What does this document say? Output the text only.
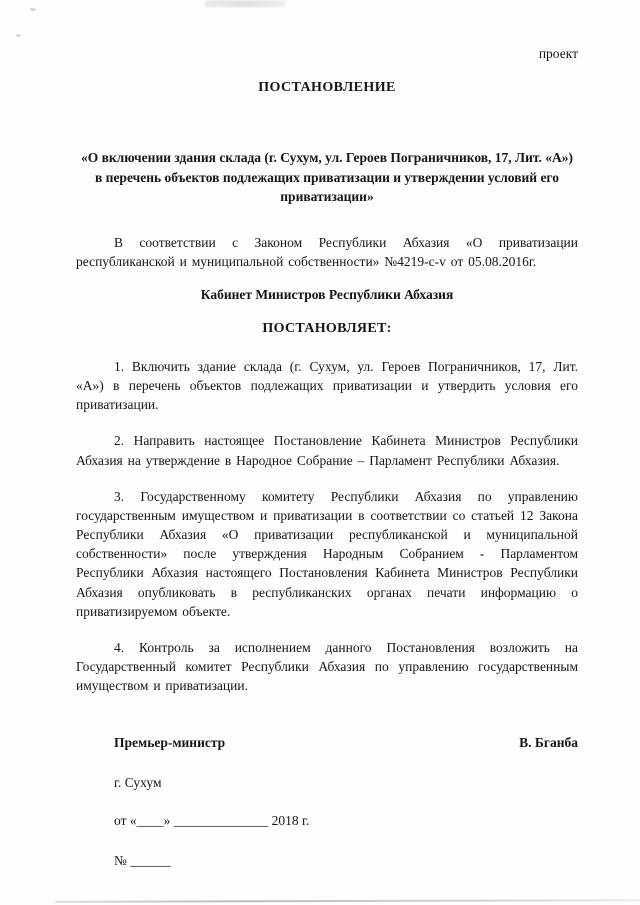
проект

ПОСТАНОВЛЕНИЕ

«О включении здания склада (г. Сухум, ул. Героев Пограничников, 17, Лит. «А») в перечень объектов подлежащих приватизации и утверждении условий его приватизации»

В соответствии с Законом Республики Абхазия «О приватизации республиканской и муниципальной собственности» №4219-с-v от 05.08.2016г.

Кабинет Министров Республики Абхазия

ПОСТАНОВЛЯЕТ:

1. Включить здание склада (г. Сухум, ул. Героев Пограничников, 17, Лит. «А») в перечень объектов подлежащих приватизации и утвердить условия его приватизации.

2. Направить настоящее Постановление Кабинета Министров Республики Абхазия на утверждение в Народное Собрание – Парламент Республики Абхазия.

3. Государственному комитету Республики Абхазия по управлению государственным имуществом и приватизации в соответствии со статьей 12 Закона Республики Абхазия «О приватизации республиканской и муниципальной собственности» после утверждения Народным Собранием - Парламентом Республики Абхазия настоящего Постановления Кабинета Министров Республики Абхазия опубликовать в республиканских органах печати информацию о приватизируемом объекте.

4. Контроль за исполнением данного Постановления возложить на Государственный комитет Республики Абхазия по управлению государственным имуществом и приватизации.

Премьер-министр	В. Бганба

г. Сухум

от «____» ______________ 2018 г.

№ ______
